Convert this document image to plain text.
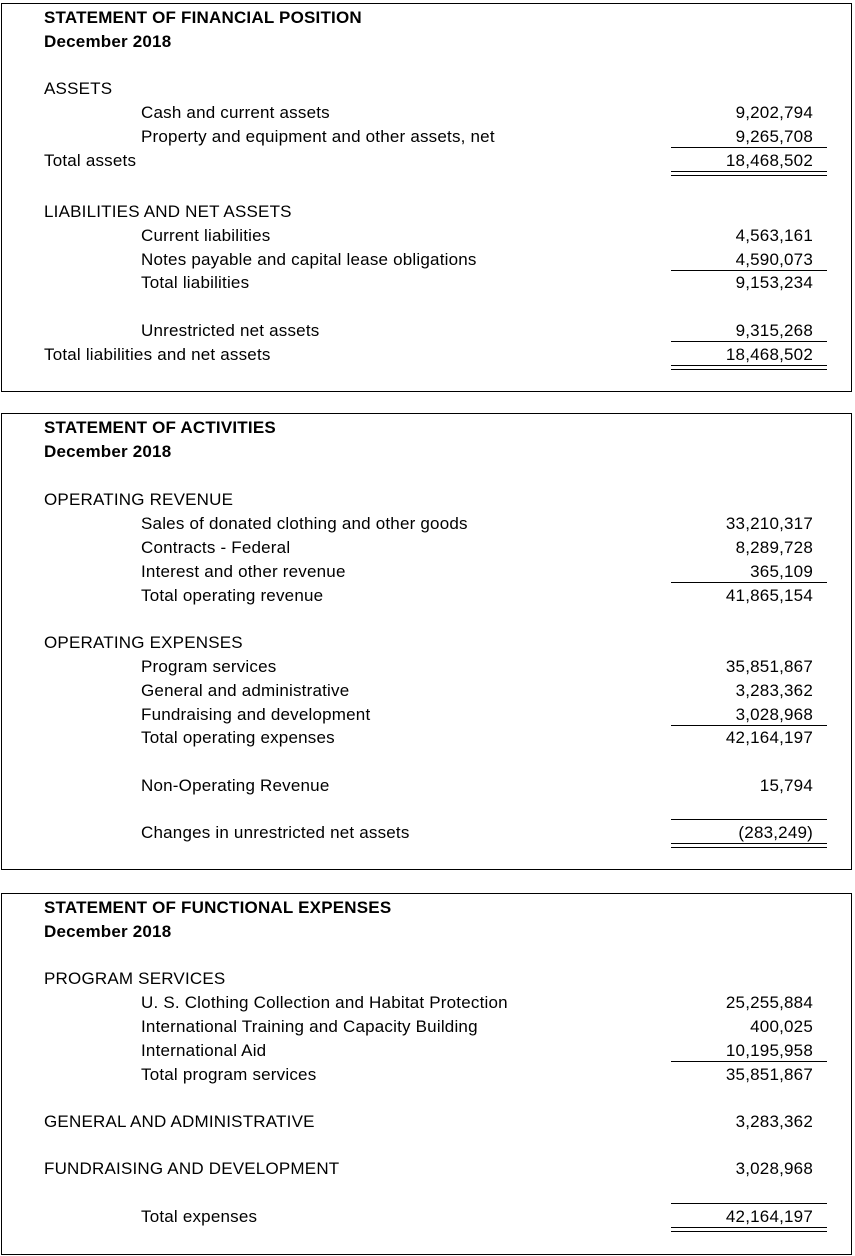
STATEMENT OF FINANCIAL POSITION
December 2018
ASSETS
Cash and current assets	9,202,794
Property and equipment and other assets, net	9,265,708
Total assets	18,468,502
LIABILITIES AND NET ASSETS
Current liabilities	4,563,161
Notes payable and capital lease obligations	4,590,073
Total liabilities	9,153,234
Unrestricted net assets	9,315,268
Total liabilities and net assets	18,468,502
STATEMENT OF ACTIVITIES
December 2018
OPERATING REVENUE
Sales of donated clothing and other goods	33,210,317
Contracts - Federal	8,289,728
Interest and other revenue	365,109
Total operating revenue	41,865,154
OPERATING EXPENSES
Program services	35,851,867
General and administrative	3,283,362
Fundraising and development	3,028,968
Total operating expenses	42,164,197
Non-Operating Revenue	15,794
Changes in unrestricted net assets	(283,249)
STATEMENT OF FUNCTIONAL EXPENSES
December 2018
PROGRAM SERVICES
U. S. Clothing Collection and Habitat Protection	25,255,884
International Training and Capacity Building	400,025
International Aid	10,195,958
Total program services	35,851,867
GENERAL AND ADMINISTRATIVE	3,283,362
FUNDRAISING AND DEVELOPMENT	3,028,968
Total expenses	42,164,197
